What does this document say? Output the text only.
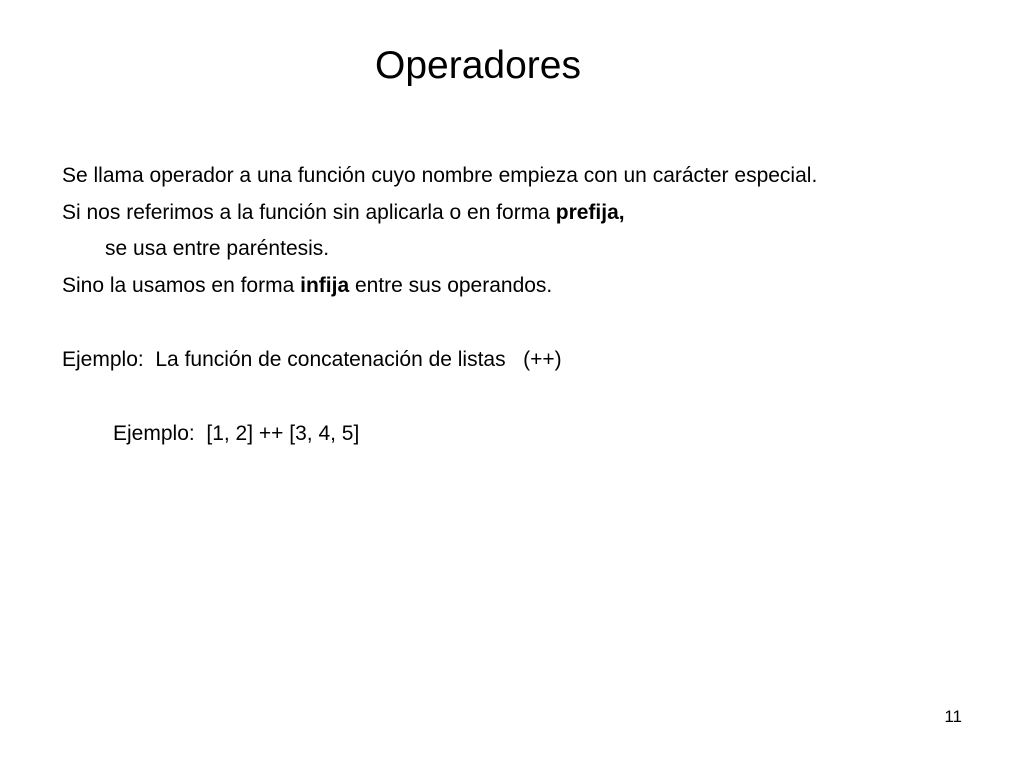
Operadores
Se llama operador a una función cuyo nombre empieza con un carácter especial.
Si nos referimos a la función sin aplicarla o en forma prefija,
se usa entre paréntesis.
Sino la usamos en forma infija entre sus operandos.
Ejemplo:  La función de concatenación de listas   (++)
Ejemplo:  [1, 2] ++ [3, 4, 5]
11
